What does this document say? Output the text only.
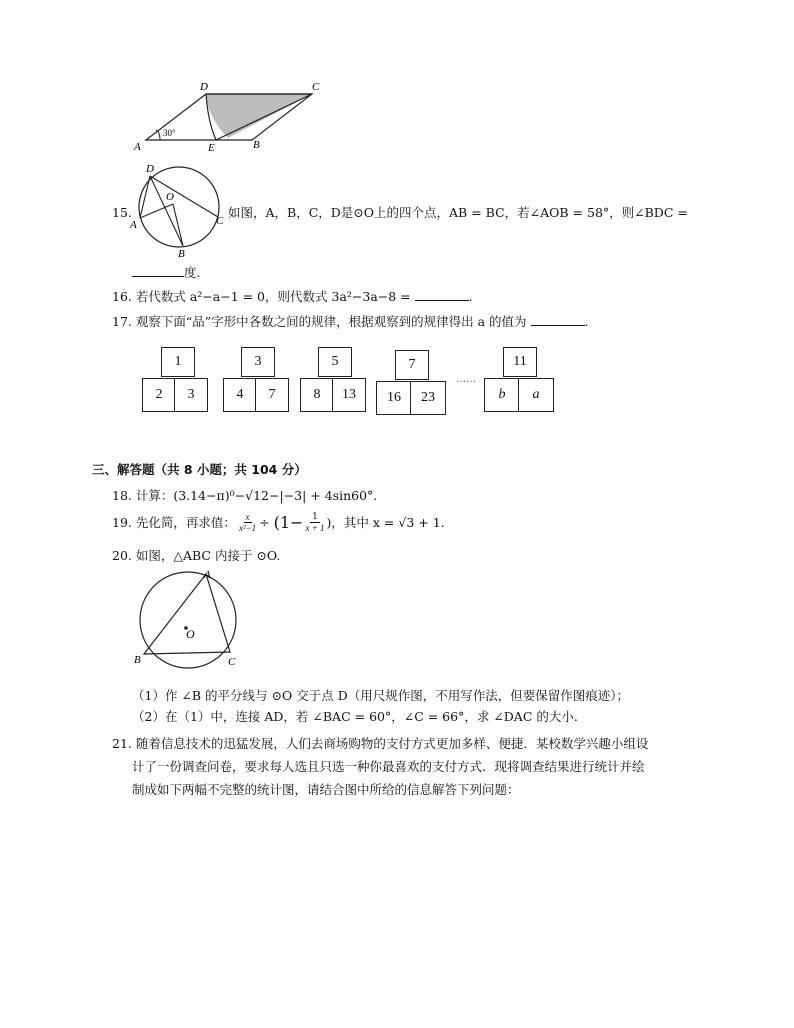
A
D	C
E	B
30°
15.
D
O
A	C
B
如图，A，B，C，D是⊙O上的四个点，AB = BC，若∠AOB = 58°，则∠BDC =
度.
16. 若代数式 a²−a−1 = 0，则代数式 3a²−3a−8 =	.
17. 观察下面“品”字形中各数之间的规律，根据观察到的规律得出 a 的值为	.
1
2	3
3
4	7
5
8	13
7
16	23
……
11
b	a
三、解答题（共 8 小题；共 104 分）
18. 计算：(3.14−π)⁰−√12−|−3| + 4sin60°.
19. 先化简，再求值： $\frac{x}{\text{x²−1}} \div (1- \frac{1}{x + 1}$ )，其中 x = √3 + 1.
20. 如图，△ABC 内接于 ⊙O.
A
O
B	C
（1）作 ∠B 的平分线与 ⊙O 交于点 D（用尺规作图，不用写作法，但要保留作图痕迹）；
（2）在（1）中，连接 AD，若 ∠BAC = 60°，∠C = 66°，求 ∠DAC 的大小.
21. 随着信息技术的迅猛发展，人们去商场购物的支付方式更加多样、便捷．某校数学兴趣小组设
计了一份调查问卷，要求每人选且只选一种你最喜欢的支付方式．现将调查结果进行统计并绘
制成如下两幅不完整的统计图，请结合图中所给的信息解答下列问题：
